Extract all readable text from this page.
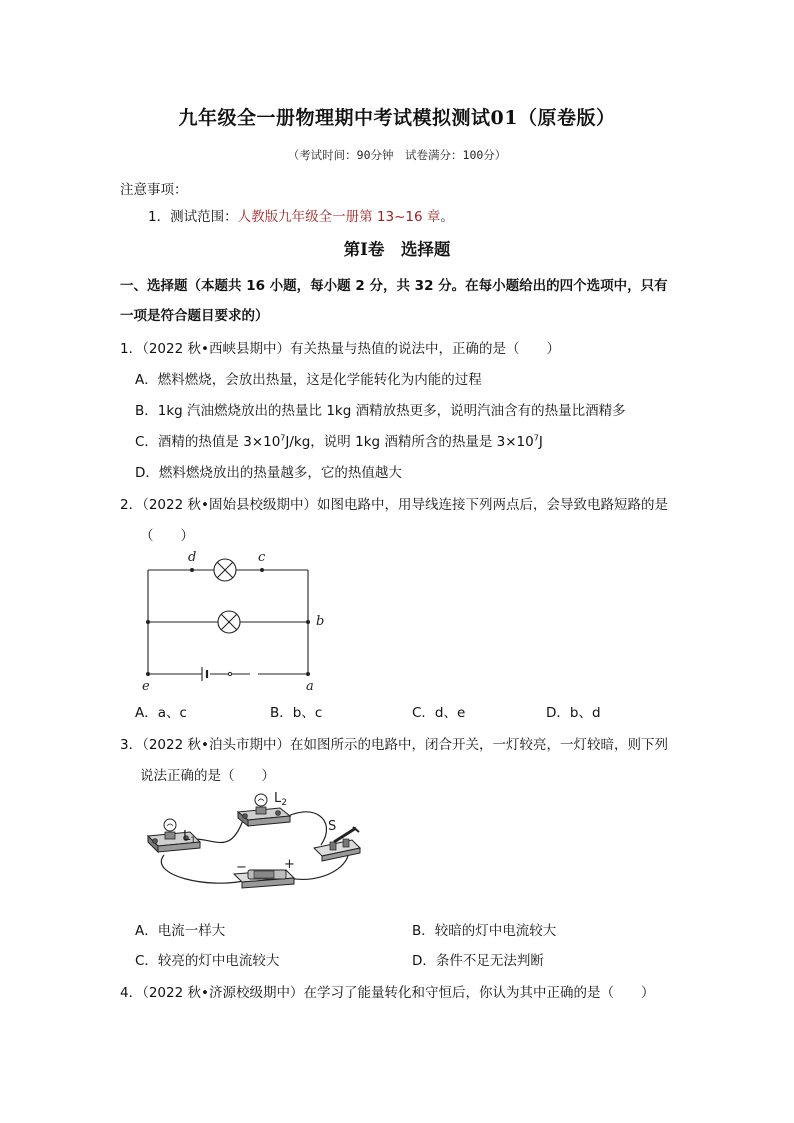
九年级全一册物理期中考试模拟测试01（原卷版）
（考试时间：90分钟　试卷满分：100分）
注意事项：
1．测试范围：人教版九年级全一册第 13~16 章。
第Ⅰ卷　选择题
一、选择题（本题共 16 小题，每小题 2 分，共 32 分。在每小题给出的四个选项中，只有
一项是符合题目要求的）
1．（2022 秋•西峡县期中）有关热量与热值的说法中，正确的是（　　）
A．燃料燃烧，会放出热量，这是化学能转化为内能的过程
B．1kg 汽油燃烧放出的热量比 1kg 酒精放热更多，说明汽油含有的热量比酒精多
C．酒精的热值是 $3\times 10^7J/kg$，说明 1kg 酒精所含的热量是 $3\times 10^7J$
D．燃料燃烧放出的热量越多，它的热值越大
2．（2022 秋•固始县校级期中）如图电路中，用导线连接下列两点后，会导致电路短路的是
（　　）
d	c
b
e	a
A．a、c	B．b、c	C．d、e	D．b、d
3．（2022 秋•泊头市期中）在如图所示的电路中，闭合开关，一灯较亮，一灯较暗，则下列
说法正确的是（　　）
$L_1$
$L_2$
S
−	+
A．电流一样大	B．较暗的灯中电流较大
C．较亮的灯中电流较大	D．条件不足无法判断
4．（2022 秋•济源校级期中）在学习了能量转化和守恒后，你认为其中正确的是（　　）
